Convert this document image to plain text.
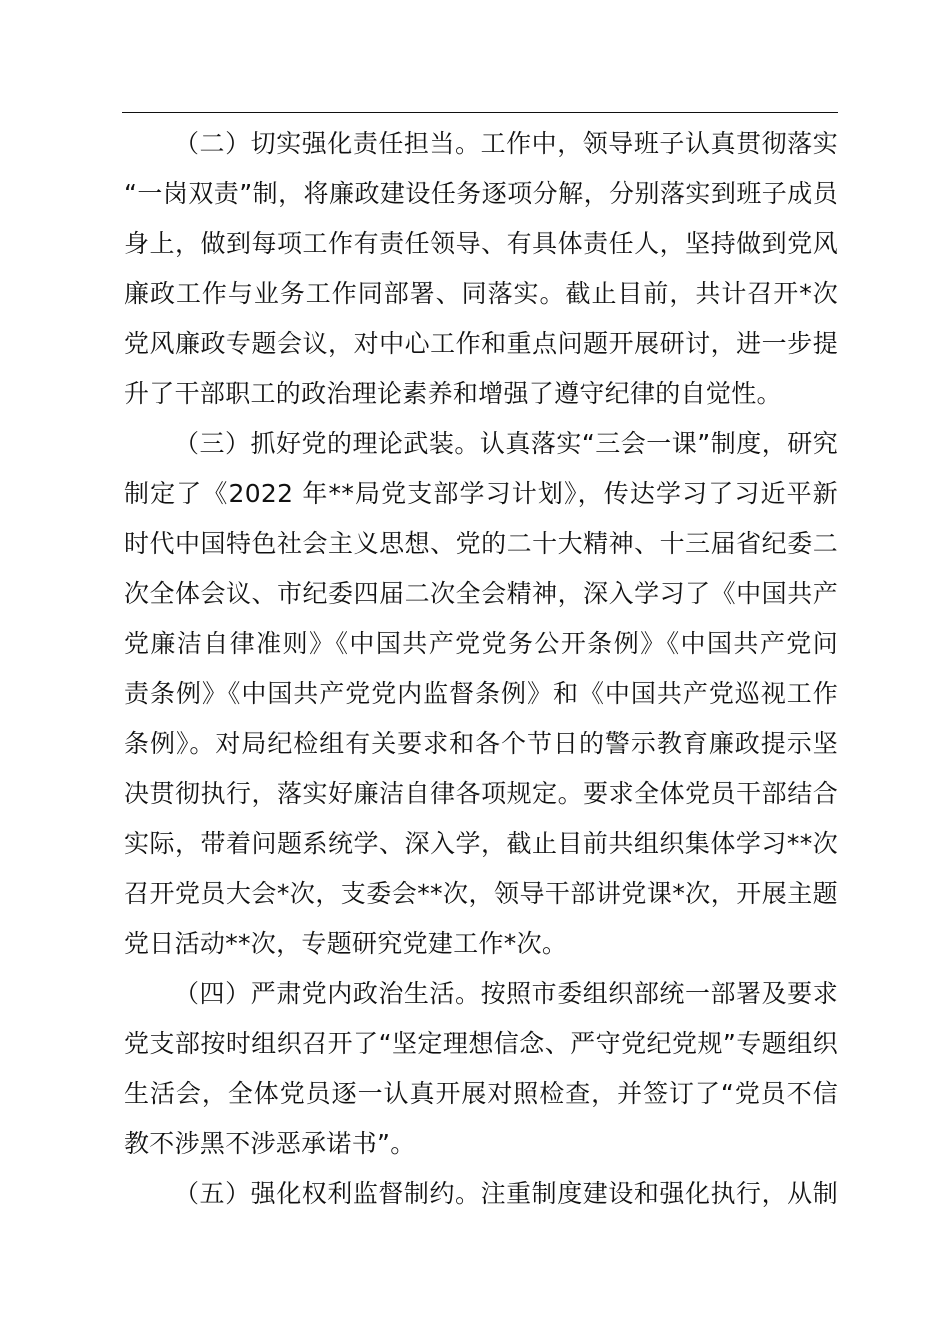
（二）切实强化责任担当。工作中，领导班子认真贯彻落实
“一岗双责”制，将廉政建设任务逐项分解，分别落实到班子成员
身上，做到每项工作有责任领导、有具体责任人，坚持做到党风
廉政工作与业务工作同部署、同落实。截止目前，共计召开*次
党风廉政专题会议，对中心工作和重点问题开展研讨，进一步提
升了干部职工的政治理论素养和增强了遵守纪律的自觉性。
（三）抓好党的理论武装。认真落实“三会一课”制度，研究
制定了《2022 年**局党支部学习计划》，传达学习了习近平新
时代中国特色社会主义思想、党的二十大精神、十三届省纪委二
次全体会议、市纪委四届二次全会精神，深入学习了《中国共产
党廉洁自律准则》《中国共产党党务公开条例》《中国共产党问
责条例》《中国共产党党内监督条例》和《中国共产党巡视工作
条例》。对局纪检组有关要求和各个节日的警示教育廉政提示坚
决贯彻执行，落实好廉洁自律各项规定。要求全体党员干部结合
实际，带着问题系统学、深入学，截止目前共组织集体学习**次
召开党员大会*次，支委会**次，领导干部讲党课*次，开展主题
党日活动**次，专题研究党建工作*次。
（四）严肃党内政治生活。按照市委组织部统一部署及要求
党支部按时组织召开了“坚定理想信念、严守党纪党规”专题组织
生活会，全体党员逐一认真开展对照检查，并签订了“党员不信
教不涉黑不涉恶承诺书”。
（五）强化权利监督制约。注重制度建设和强化执行，从制
